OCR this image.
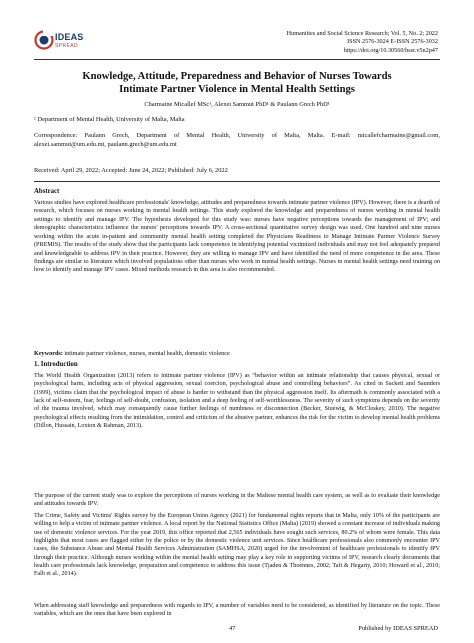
IDEAS
SPREAD
Humanities and Social Science Research; Vol. 5, No. 2; 2022
ISSN 2576-3024 E-ISSN 2576-3032
https://doi.org/10.30560/hssr.v5n2p47
Knowledge, Attitude, Preparedness and Behavior of Nurses Towards
Intimate Partner Violence in Mental Health Settings
Charmaine Micallef MSc¹, Alexei Sammut PhD¹ & Paulann Grech PhD¹
¹ Department of Mental Health, University of Malta, Malta
Correspondence: Paulann Grech, Department of Mental Health, University of Malta, Malta. E-mail: micallefcharmaine@gmail.com, alexei.sammut@um.edu.mt, paulann.grech@um.edu.mt
Received: April 29, 2022; Accepted: June 24, 2022; Published: July 6, 2022
Abstract
Various studies have explored healthcare professionals' knowledge, attitudes and preparedness towards intimate partner violence (IPV). However, there is a dearth of research, which focuses on nurses working in mental health settings. This study explored the knowledge and preparedness of nurses working in mental health settings to identify and manage IPV. The hypothesis developed for this study was: nurses have negative perceptions towards the management of IPV; and demographic characteristics influence the nurses' perceptions towards IPV. A cross-sectional quantitative survey design was used. One hundred and nine nurses working within the acute in-patient and community mental health setting completed the Physicians Readiness to Manage Intimate Partner Violence Survey (PREMIS). The results of the study show that the participants lack competence in identifying potential victimized individuals and may not feel adequately prepared and knowledgeable to address IPV in their practice. However, they are willing to manage IPV and have identified the need of more competence in the area. These findings are similar to literature which involved populations other than nurses who work in mental health settings. Nurses in mental health settings need training on how to identify and manage IPV cases. Mixed methods research in this area is also recommended.
Keywords: intimate partner violence, nurses, mental health, domestic violence
1. Introduction
The World Health Organization (2013) refers to intimate partner violence (IPV) as “behavior within an intimate relationship that causes physical, sexual or psychological harm, including acts of physical aggression, sexual coercion, psychological abuse and controlling behaviors”. As cited in Sackett and Saunders (1999), victims claim that the psychological impact of abuse is harder to withstand than the physical aggression itself. Its aftermath is commonly associated with a lack of self-esteem, fear, feelings of self-doubt, confusion, isolation and a deep feeling of self-worthlessness. The severity of such symptoms depends on the severity of the trauma involved, which may consequently cause further feelings of numbness or disconnection (Becker, Stuewig, & McCloskey, 2010). The negative psychological effects resulting from the intimidation, control and criticism of the abusive partner, enhances the risk for the victim to develop mental health problems (Dillon, Hussain, Loxton & Rahman, 2013).
The purpose of the current study was to explore the perceptions of nurses working in the Maltese mental health care system, as well as to evaluate their knowledge and attitudes towards IPV.
The Crime, Safety and Victims' Rights survey by the European Union Agency (2021) for fundamental rights reports that in Malta, only 10% of the participants are willing to help a victim of intimate partner violence. A local report by the National Statistics Office (Malta) (2019) showed a constant increase of individuals making use of domestic violence services. For the year 2019, this office reported that 2,565 individuals have sought such services, 80.2% of whom were female. This data highlights that most cases are flagged either by the police or by the domestic violence unit services. Since healthcare professionals also commonly encounter IPV cases, the Substance Abuse and Mental Health Services Administration (SAMHSA, 2020) urged for the involvement of healthcare professionals to identify IPV through their practice. Although nurses working within the mental health setting may play a key role in supporting victims of IPV, research clearly documents that health care professionals lack knowledge, preparation and competence to address this issue (Tjaden & Thoennes, 2002; Taft & Hegarty, 2010; Howard et al., 2010; Falb et al., 2014).
When addressing staff knowledge and preparedness with regards to IPV, a number of variables need to be considered, as identified by literature on the topic. These variables, which are the ones that have been explored in
47	Published by IDEAS SPREAD
